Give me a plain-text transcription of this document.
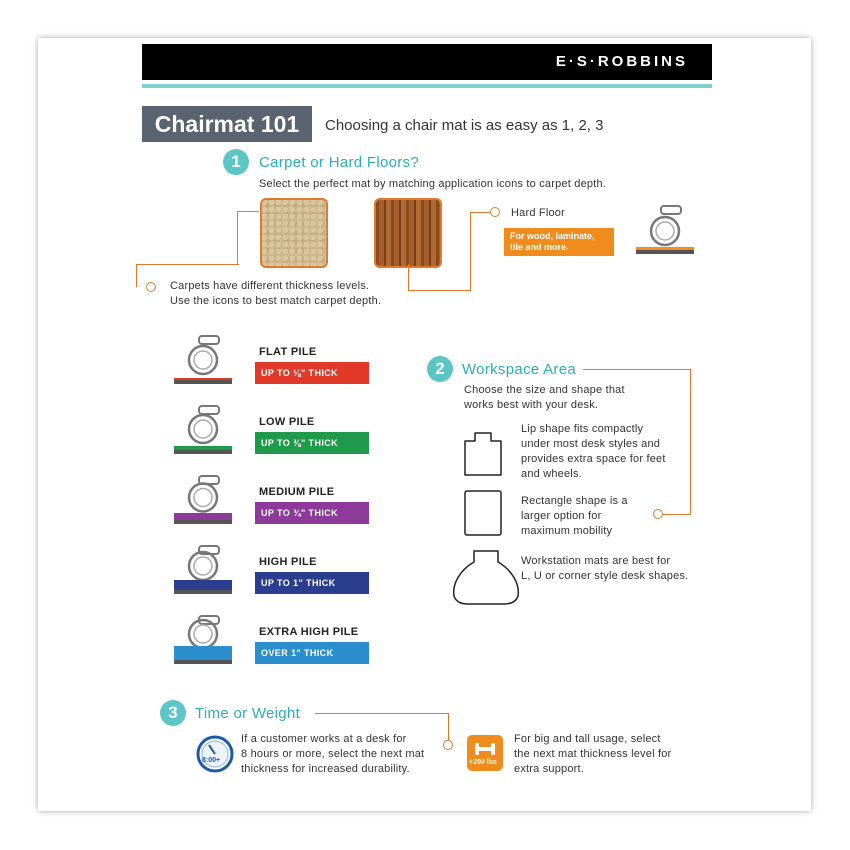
E·S·ROBBINS
Chairmat 101	Choosing a chair mat is as easy as 1, 2, 3
1	Carpet or Hard Floors?
Select the perfect mat by matching application icons to carpet depth.
Carpets have different thickness levels.
Use the icons to best match carpet depth.
Hard Floor
For wood, laminate,
tile and more.
2	Workspace Area
Choose the size and shape that
works best with your desk.
Lip shape fits compactly
under most desk styles and
provides extra space for feet
and wheels.
Rectangle shape is a
larger option for
maximum mobility
Workstation mats are best for
L, U or corner style desk shapes.
3	Time or Weight
8:00+
If a customer works at a desk for
8 hours or more, select the next mat
thickness for increased durability.
+200 lbs
For big and tall usage, select
the next mat thickness level for
extra support.
FLAT PILE
UP TO ⅛" THICK
LOW PILE
UP TO ⅜" THICK
MEDIUM PILE
UP TO ¾" THICK
HIGH PILE
UP TO 1" THICK
EXTRA HIGH PILE
OVER 1" THICK
